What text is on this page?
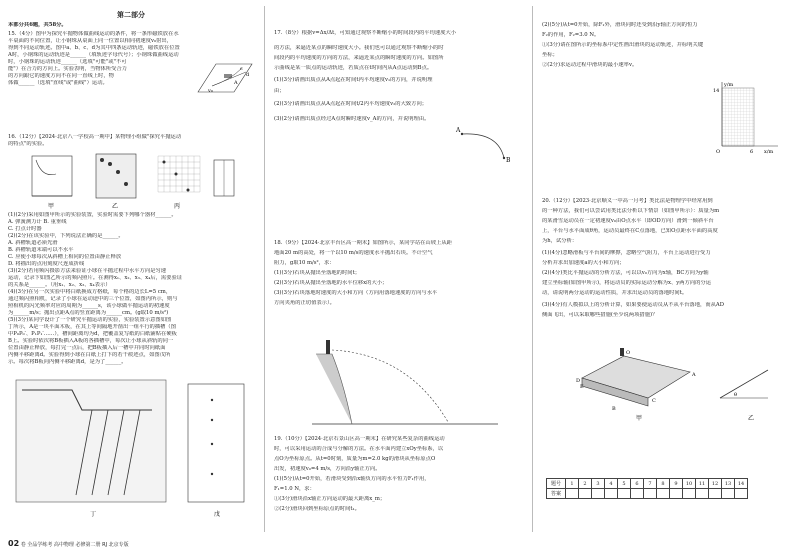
第二部分
本部分共6题，共58分。
15.（4分）图甲为探究平抛物体做曲线运动的条件，将一条形磁铁放在水
平桌面的不同位置，让小钢珠从桌面上同一位置以相同初速度v₀射出，
得到不同运动轨迹。图中a、b、c、d为其中四条运动轨迹，磁铁放在位置
A时，小钢珠的运动轨迹是______（填轨迹字母代号）；小钢珠做曲线运动
时，小钢珠的运动轨迹______（选填"可能"或"不可
能"）在合力的方向上。实验表明，当物体所受合力
的方向跟它的速度方向不在同一直线上时，物
体做______（选填"直线"或"曲线"）运动。	A
c
d
v₀
16.（12分）【2024·北京八一学校高一期中】某物理小组做"探究平抛运动
的特点"的实验。
甲	乙	丙
(1)(2分)采用如图甲所示的实验装置，实验时需要下列哪个器材______。
A. 弹簧测力计 B. 重垂线
C. 打点计时器
(2)(2分)在该实验中，下列说法正确的是______。
A. 斜槽轨道必须光滑
B. 斜槽轨道末端可以不水平
C. 应使小球每次从斜槽上相同的位置由静止释放
D. 将描出的点用刻度尺连成折线
(3)(2分)若用频闪摄影方法来验证小球在平抛过程中水平方向是匀速
运动，记录下如图乙所示的频闪照片。在测得x₁、x₂、x₃、x₄后，需要验证
的关系是______。（用x₁、x₂、x₃、x₄表示）
(4)(3分)在另一次实验中将白纸换成方格纸，每个格的边长L=5 cm，
通过频闪照相机，记录了小球在运动途中的三个位置，如图丙所示，则与
照相机的闪光频率对应的周期为______s，该小球做平抛运动的初速度
为______m/s；抛出点距A点的竖直距离为______cm。(g取10 m/s²)
(5)(3分)某同学设计了一个研究平抛运动的实验，实验装置示意图如图
丁所示，A是一块平面木板，在其上等间隔地开凿出一组平行的插槽（图
中P₀P₀′、P₁P₁′……），槽间距离均为d，把覆盖复写纸的白纸铺贴在硬板
B上。实验时依次将B板插入A板的各插槽中，每次让小球从斜轨的同一
位置由静止释放，每打完一点后，把B板插入后一槽中并同时向纸面
内侧平移距离d。实验得到小球在白纸上打下的若干痕迹点，如图戊所
示。每次将B板向内侧平移距离d，是为了______。
丁	戊
17.（8分）根据v=Δx/Δt，可知通过观察不断缩小的时间段内的平均速度大小
的方法，来逼近某点的瞬时速度大小。我们也可以通过观察不断缩小的时
间段内的平均速度的方向的方法，来逼近某点的瞬时速度的方向。如图所
示曲线是某一质点的运动轨迹，若质点在t时间内从A点运动到B点。
(1)(3分)请画出质点从A点起在时间t内平均速度v₁的方向，并说明理
由；
(2)(3分)请画出质点从A点起在时间t/2内平均速度v₂的大致方向；
(3)(2分)请画出质点经过A点时瞬时速度v_A的方向，并说明理由。
A
B
18.（9分）【2024·北京丰台区高一期末】如图所示，某同学站在山坡上从距
地面20 m的高处，将一个以10 m/s的速度水平抛出石块。不计空气
阻力，g取10 m/s²，求：
(1)(3分)石块从抛出至落地的时间t；
(2)(3分)石块从抛出至落地的水平位移x的大小；
(3)(3分)石块落地时速度的大小和方向（方向用落地速度的方向与水平
方向夹角的正切值表示）。
19.（10分）【2024·北京石景山区高一期末】在研究某些复杂的曲线运动
时，可以采用运动的合成与分解的方法。在水平面内建立xOy坐标系，以
点O为坐标原点。从t=0时刻，质量为m=2.0 kg的滑块从坐标原点O
出发，初速度v₀=4 m/s，方向沿y轴正方向。
(1)(5分)从t=0开始，若滑块受到沿x轴负方向的水平恒力F₁作用，
F₁=1.0 N，求：
①(3分)滑块沿x轴正方向运动的最大距离x_m；
②(2分)滑块回到坐标原点的时间t₁。
(2)(5分)从t=0开始，除F₁外，滑块同时还受到沿y轴正方向的恒力
F₂的作用，F₂=3.0 N。
①(3分)请在图所示的坐标系中定性画出滑块的运动轨迹，并标明关键
坐标；
②(2分)求运动过程中滑块的最小速率v。
y/m
14
O	6 x/m
20.（12分）【2023·北京顺义一中高一月考】类比法是物理学中经常用到
的一种方法，我们可以尝试用类比法分析以下情景（如图甲所示）：质量为m
的某滑雪运动员在一定初速度v₀由O点水平（即OD方向）滑到一倾斜平台
上，平台与水平面成θ角，运动员最终在C点落地，已知O点距水平面的高度
为h，试分析：
(1)(4分)忽略滑板与平台间的摩擦，忽略空气阻力，平台上运动进行受力
分析并求出加速度a的大小和方向；
(2)(4分)类比平抛运动的分析方法，可以以v₀方向为x轴，BC方向为y轴
建立坐标轴(如图甲所示)，将运动员的实际运动分解为x、y两方向的分运
动，请说明两分运动的运动性质，并求出运动员的落地时间t。
(3)(4分)有人模拟以上的分析计算，如果要使运动员从不从平台落地，而从AD
侧面飞出，可以采取哪些措施(至少说两项措施)？
D
E
A
B
C
O
θ
甲	乙
题号	1	2	3	4	5	6	7	8	9	10	11	12	13	14
答案														
02 卷 全品学练考 高中物理 必修第二册 RJ 北京专版
